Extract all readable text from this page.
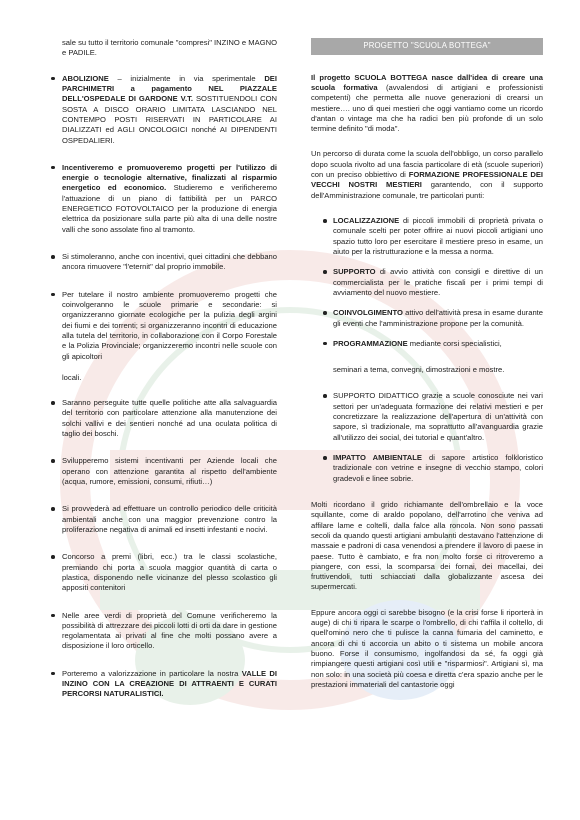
sale su tutto il territorio comunale "compresi" INZINO e MAGNO e PADILE.

ABOLIZIONE – inizialmente in via sperimentale DEI PARCHIMETRI a pagamento NEL PIAZZALE DELL'OSPEDALE DI GARDONE V.T. SOSTITUENDOLI CON SOSTA A DISCO ORARIO LIMITATA LASCIANDO NEL CONTEMPO POSTI RISERVATI IN PARTICOLARE AI DIALIZZATI ed AGLI ONCOLOGICI nonché AI DIPENDENTI OSPEDALIERI.

Incentiveremo e promuoveremo progetti per l'utilizzo di energie o tecnologie alternative, finalizzati al risparmio energetico ed economico. Studieremo e verificheremo l'attuazione di un piano di fattibilità per un PARCO ENERGETICO FOTOVOLTAICO per la produzione di energia elettrica da posizionare sulla parte più alta di una delle nostre valli che sono assolate fino al tramonto.

Si stimoleranno, anche con incentivi, quei cittadini che debbano ancora rimuovere "l'eternit" dal proprio immobile.

Per tutelare il nostro ambiente promuoveremo progetti che coinvolgeranno le scuole primarie e secondarie: si organizzeranno giornate ecologiche per la pulizia degli argini dei fiumi e dei torrenti; si organizzeranno incontri di educazione alla tutela del territorio, in collaborazione con il Corpo Forestale e la Polizia Provinciale; organizzeremo incontri nelle scuole con gli apicoltori

locali.

Saranno perseguite tutte quelle politiche atte alla salvaguardia del territorio con particolare attenzione alla manutenzione dei solchi vallivi e dei sentieri nonché ad una oculata politica di taglio dei boschi.

Svilupperemo sistemi incentivanti per Aziende locali che operano con attenzione garantita al rispetto dell'ambiente (acqua, rumore, emissioni, consumi, rifiuti…)

Si provvederà ad effettuare un controllo periodico delle criticità ambientali anche con una maggior prevenzione contro la proliferazione negativa di animali ed insetti infestanti e nocivi.

Concorso a premi (libri, ecc.) tra le classi scolastiche, premiando chi porta a scuola maggior quantità di carta o plastica, disponendo nelle vicinanze del plesso scolastico gli appositi contenitori

Nelle aree verdi di proprietà del Comune verificheremo la possibilità di attrezzare dei piccoli lotti di orti da dare in gestione regolamentata ai privati al fine che molti possano avere a disposizione il loro orticello.

Porteremo a valorizzazione in particolare la nostra VALLE DI INZINO CON LA CREAZIONE DI ATTRAENTI E CURATI PERCORSI NATURALISTICI.

PROGETTO "SCUOLA BOTTEGA"

Il progetto SCUOLA BOTTEGA nasce dall'idea di creare una scuola formativa (avvalendosi di artigiani e professionisti competenti) che permetta alle nuove generazioni di crearsi un mestiere…. uno di quei mestieri che oggi vantiamo come un ricordo d'antan o vintage ma che ha radici ben più profonde di un solo termine definito "di moda".

Un percorso di durata come la scuola dell'obbligo, un corso parallelo dopo scuola rivolto ad una fascia particolare di età (scuole superiori) con un preciso obbiettivo di FORMAZIONE PROFESSIONALE DEI VECCHI NOSTRI MESTIERI garantendo, con il supporto dell'Amministrazione comunale, tre particolari punti:

LOCALIZZAZIONE di piccoli immobili di proprietà privata o comunale scelti per poter offrire ai nuovi piccoli artigiani uno spazio tutto loro per esercitare il mestiere preso in esame, un aiuto per la ristrutturazione e la messa a norma.

SUPPORTO di avvio attività con consigli e direttive di un commercialista per le pratiche fiscali per i primi tempi di avviamento del nuovo mestiere.

COINVOLGIMENTO attivo dell'attività presa in esame durante gli eventi che l'amministrazione propone per la comunità.

PROGRAMMAZIONE mediante corsi specialistici,

seminari a tema, convegni, dimostrazioni e mostre.

SUPPORTO DIDATTICO grazie a scuole conosciute nei vari settori per un'adeguata formazione dei relativi mestieri e per concretizzare la realizzazione dell'apertura di un'attività con sapore, sì tradizionale, ma soprattutto all'avanguardia grazie all'utilizzo dei social, dei tutorial e quant'altro.

IMPATTO AMBIENTALE di sapore artistico folkloristico tradizionale con vetrine e insegne di vecchio stampo, colori gradevoli e linee sobrie.

Molti ricordano il grido richiamante dell'ombrellaio e la voce squillante, come di araldo popolano, dell'arrotino che veniva ad affilare lame e coltelli, dalla falce alla roncola. Non sono passati secoli da quando questi artigiani ambulanti destavano l'attenzione di massaie e padroni di casa venendosi a prendere il lavoro di paese in paese. Tutto è cambiato, e fra non molto forse ci ritroveremo a piangere, con essi, la scomparsa dei fornai, dei macellai, dei fruttivendoli, tutti schiacciati dalla globalizzante ascesa dei supermercati.

Eppure ancora oggi ci sarebbe bisogno (e la crisi forse li riporterà in auge) di chi ti ripara le scarpe o l'ombrello, di chi t'affila il coltello, di quell'omino nero che ti pulisce la canna fumaria del caminetto, e ancora di chi ti accorcia un abito o ti sistema un mobile ancora buono. Forse il consumismo, ingolfandosi da sé, fa oggi già rimpiangere questi artigiani così utili e "risparmiosi". Artigiani sì, ma non solo: in una società più coesa e diretta c'era spazio anche per le prestazioni immateriali del cantastorie oggi
